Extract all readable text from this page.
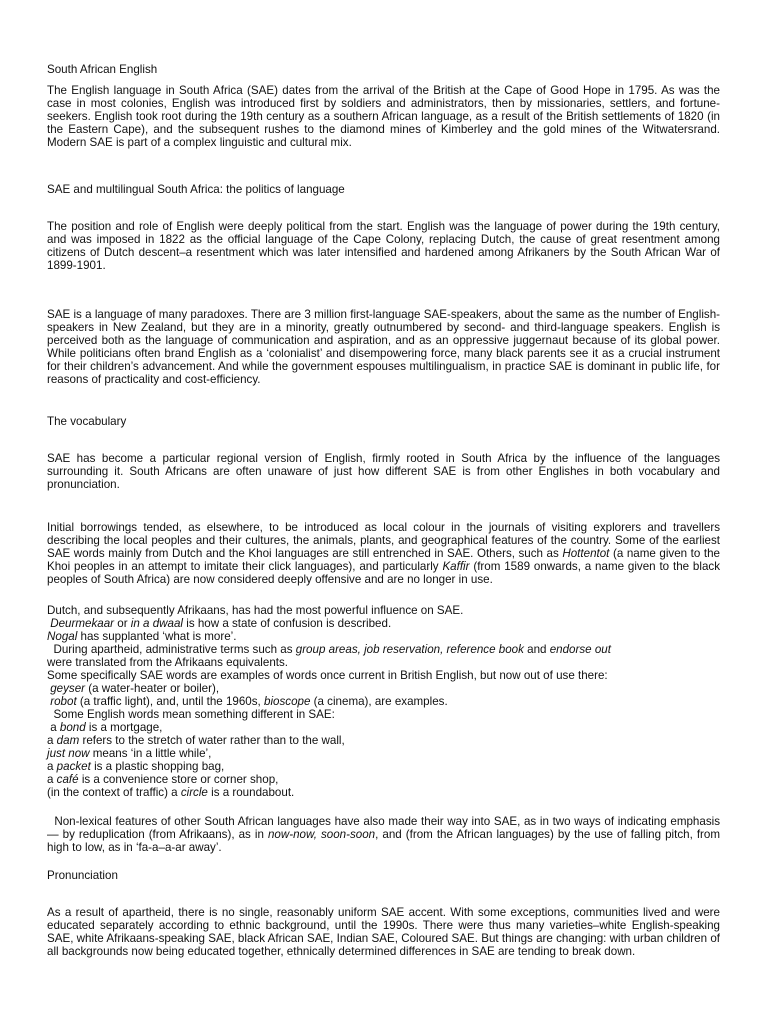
South African English

The English language in South Africa (SAE) dates from the arrival of the British at the Cape of Good Hope in 1795. As was the case in most colonies, English was introduced first by soldiers and administrators, then by missionaries, settlers, and fortune-seekers. English took root during the 19th century as a southern African language, as a result of the British settlements of 1820 (in the Eastern Cape), and the subsequent rushes to the diamond mines of Kimberley and the gold mines of the Witwatersrand. Modern SAE is part of a complex linguistic and cultural mix.

SAE and multilingual South Africa: the politics of language

The position and role of English were deeply political from the start. English was the language of power during the 19th century, and was imposed in 1822 as the official language of the Cape Colony, replacing Dutch, the cause of great resentment among citizens of Dutch descent–a resentment which was later intensified and hardened among Afrikaners by the South African War of 1899-1901.

SAE is a language of many paradoxes. There are 3 million first-language SAE-speakers, about the same as the number of English-speakers in New Zealand, but they are in a minority, greatly outnumbered by second- and third-language speakers. English is perceived both as the language of communication and aspiration, and as an oppressive juggernaut because of its global power. While politicians often brand English as a ‘colonialist’ and disempowering force, many black parents see it as a crucial instrument for their children’s advancement. And while the government espouses multilingualism, in practice SAE is dominant in public life, for reasons of practicality and cost-efficiency.

The vocabulary

SAE has become a particular regional version of English, firmly rooted in South Africa by the influence of the languages surrounding it. South Africans are often unaware of just how different SAE is from other Englishes in both vocabulary and pronunciation.

Initial borrowings tended, as elsewhere, to be introduced as local colour in the journals of visiting explorers and travellers describing the local peoples and their cultures, the animals, plants, and geographical features of the country. Some of the earliest SAE words mainly from Dutch and the Khoi languages are still entrenched in SAE. Others, such as Hottentot (a name given to the Khoi peoples in an attempt to imitate their click languages), and particularly Kaffir (from 1589 onwards, a name given to the black peoples of South Africa) are now considered deeply offensive and are no longer in use.

Dutch, and subsequently Afrikaans, has had the most powerful influence on SAE.
Deurmekaar or in a dwaal is how a state of confusion is described.
Nogal has supplanted ‘what is more’.
During apartheid, administrative terms such as group areas, job reservation, reference book and endorse out
were translated from the Afrikaans equivalents.
Some specifically SAE words are examples of words once current in British English, but now out of use there:
geyser (a water-heater or boiler),
robot (a traffic light), and, until the 1960s, bioscope (a cinema), are examples.
Some English words mean something different in SAE:
a bond is a mortgage,
a dam refers to the stretch of water rather than to the wall,
just now means ‘in a little while’,
a packet is a plastic shopping bag,
a café is a convenience store or corner shop,
(in the context of traffic) a circle is a roundabout.

Non-lexical features of other South African languages have also made their way into SAE, as in two ways of indicating emphasis — by reduplication (from Afrikaans), as in now-now, soon-soon, and (from the African languages) by the use of falling pitch, from high to low, as in ‘fa-a–a-ar away’.

Pronunciation

As a result of apartheid, there is no single, reasonably uniform SAE accent. With some exceptions, communities lived and were educated separately according to ethnic background, until the 1990s. There were thus many varieties–white English-speaking SAE, white Afrikaans-speaking SAE, black African SAE, Indian SAE, Coloured SAE. But things are changing: with urban children of all backgrounds now being educated together, ethnically determined differences in SAE are tending to break down.
